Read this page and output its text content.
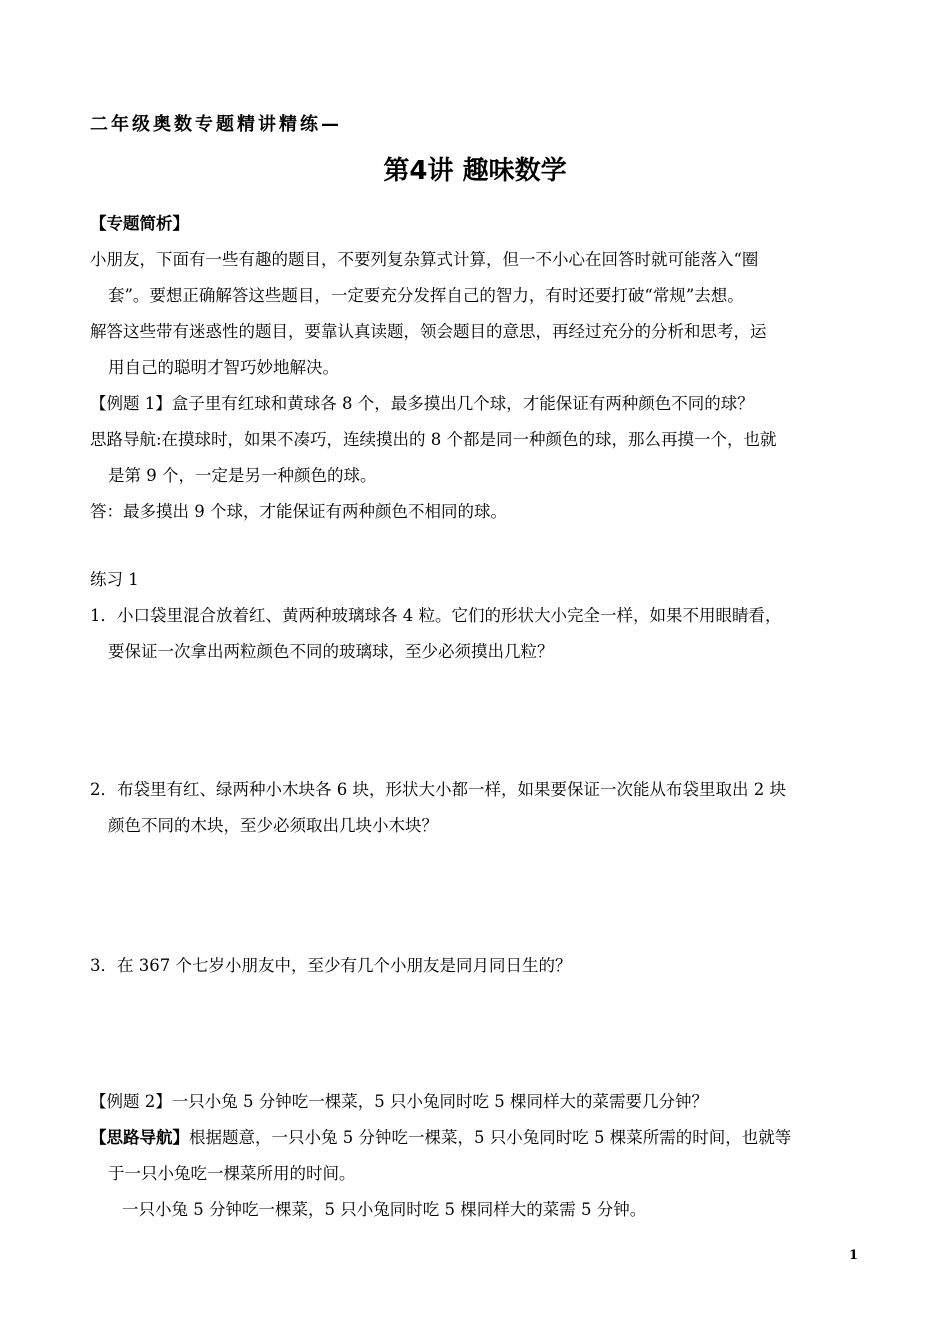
二年级奥数专题精讲精练—
第4讲 趣味数学
【专题简析】
小朋友，下面有一些有趣的题目，不要列复杂算式计算，但一不小心在回答时就可能落入“圈
套”。要想正确解答这些题目，一定要充分发挥自己的智力，有时还要打破“常规”去想。
解答这些带有迷惑性的题目，要靠认真读题，领会题目的意思，再经过充分的分析和思考，运
用自己的聪明才智巧妙地解决。
【例题 1】盒子里有红球和黄球各 8 个，最多摸出几个球，才能保证有两种颜色不同的球？
思路导航:在摸球时，如果不凑巧，连续摸出的 8 个都是同一种颜色的球，那么再摸一个，也就
是第 9 个，一定是另一种颜色的球。
答：最多摸出 9 个球，才能保证有两种颜色不相同的球。
练习 1
1．小口袋里混合放着红、黄两种玻璃球各 4 粒。它们的形状大小完全一样，如果不用眼睛看，
要保证一次拿出两粒颜色不同的玻璃球，至少必须摸出几粒？
2．布袋里有红、绿两种小木块各 6 块，形状大小都一样，如果要保证一次能从布袋里取出 2 块
颜色不同的木块，至少必须取出几块小木块？
3．在 367 个七岁小朋友中，至少有几个小朋友是同月同日生的？
【例题 2】一只小兔 5 分钟吃一棵菜，5 只小兔同时吃 5 棵同样大的菜需要几分钟？
【思路导航】根据题意，一只小兔 5 分钟吃一棵菜，5 只小兔同时吃 5 棵菜所需的时间，也就等
于一只小兔吃一棵菜所用的时间。
一只小兔 5 分钟吃一棵菜，5 只小兔同时吃 5 棵同样大的菜需 5 分钟。
1
